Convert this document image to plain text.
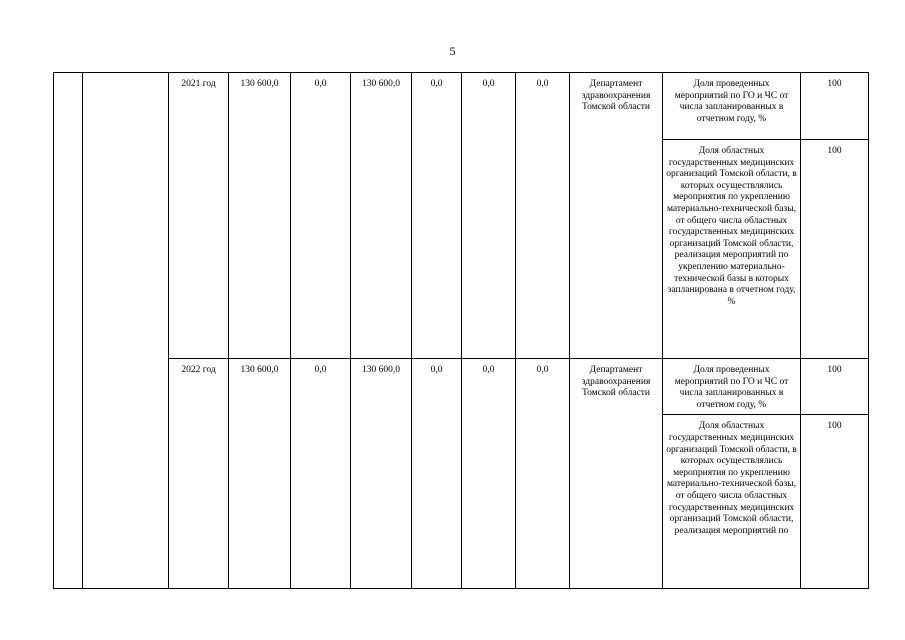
5
		2021 год	130 600,0	0,0	130 600,0	0,0	0,0	0,0	Департамент здравоохранения Томской области	Доля проведенных мероприятий по ГО и ЧС от числа запланированных в отчетном году, %	100
										Доля областных государственных медицинских организаций Томской области, в которых осуществлялись мероприятия по укреплению материально-технической базы, от общего числа областных государственных медицинских организаций Томской области, реализация мероприятий по укреплению материально-технической базы в которых запланирована в отчетном году, %	100
		2022 год	130 600,0	0,0	130 600,0	0,0	0,0	0,0	Департамент здравоохранения Томской области	Доля проведенных мероприятий по ГО и ЧС от числа запланированных в отчетном году, %	100
										Доля областных государственных медицинских организаций Томской области, в которых осуществлялись мероприятия по укреплению материально-технической базы, от общего числа областных государственных медицинских организаций Томской области, реализация мероприятий по	100
